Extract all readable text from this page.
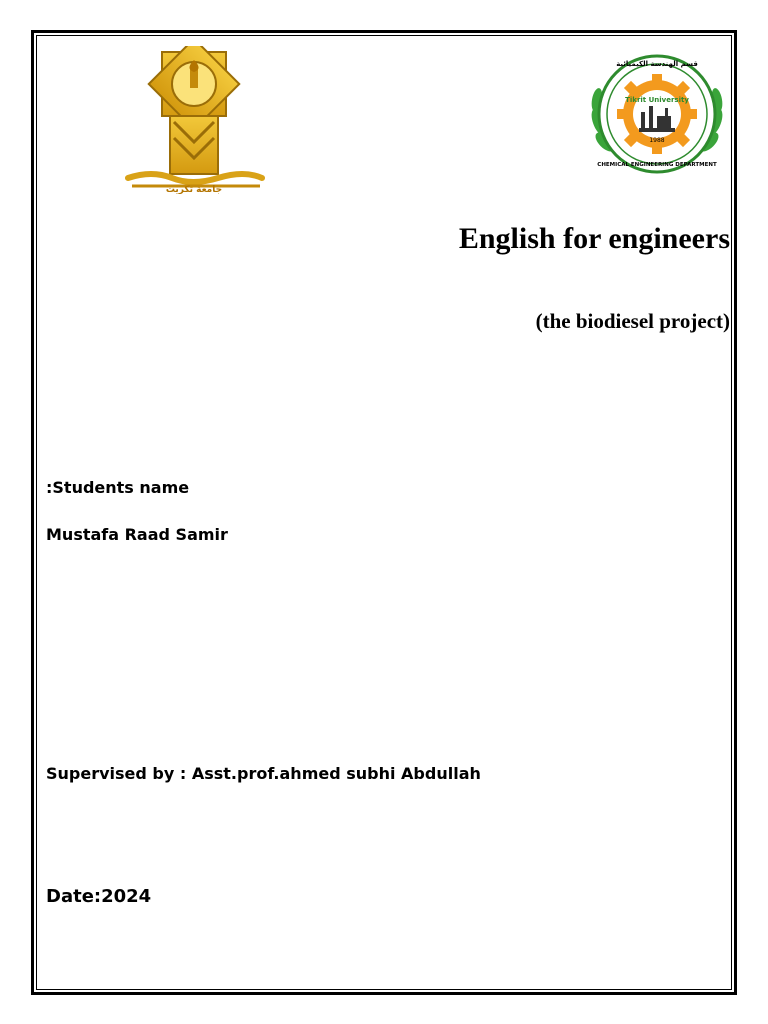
جامعة تكريت
Tikrit University
1988
CHEMICAL ENGINEERING DEPARTMENT
قسم الهندسة الكيميائية
English for engineers
(the biodiesel project)
:Students name
Mustafa Raad Samir
Supervised by : Asst.prof.ahmed subhi Abdullah
Date:2024
